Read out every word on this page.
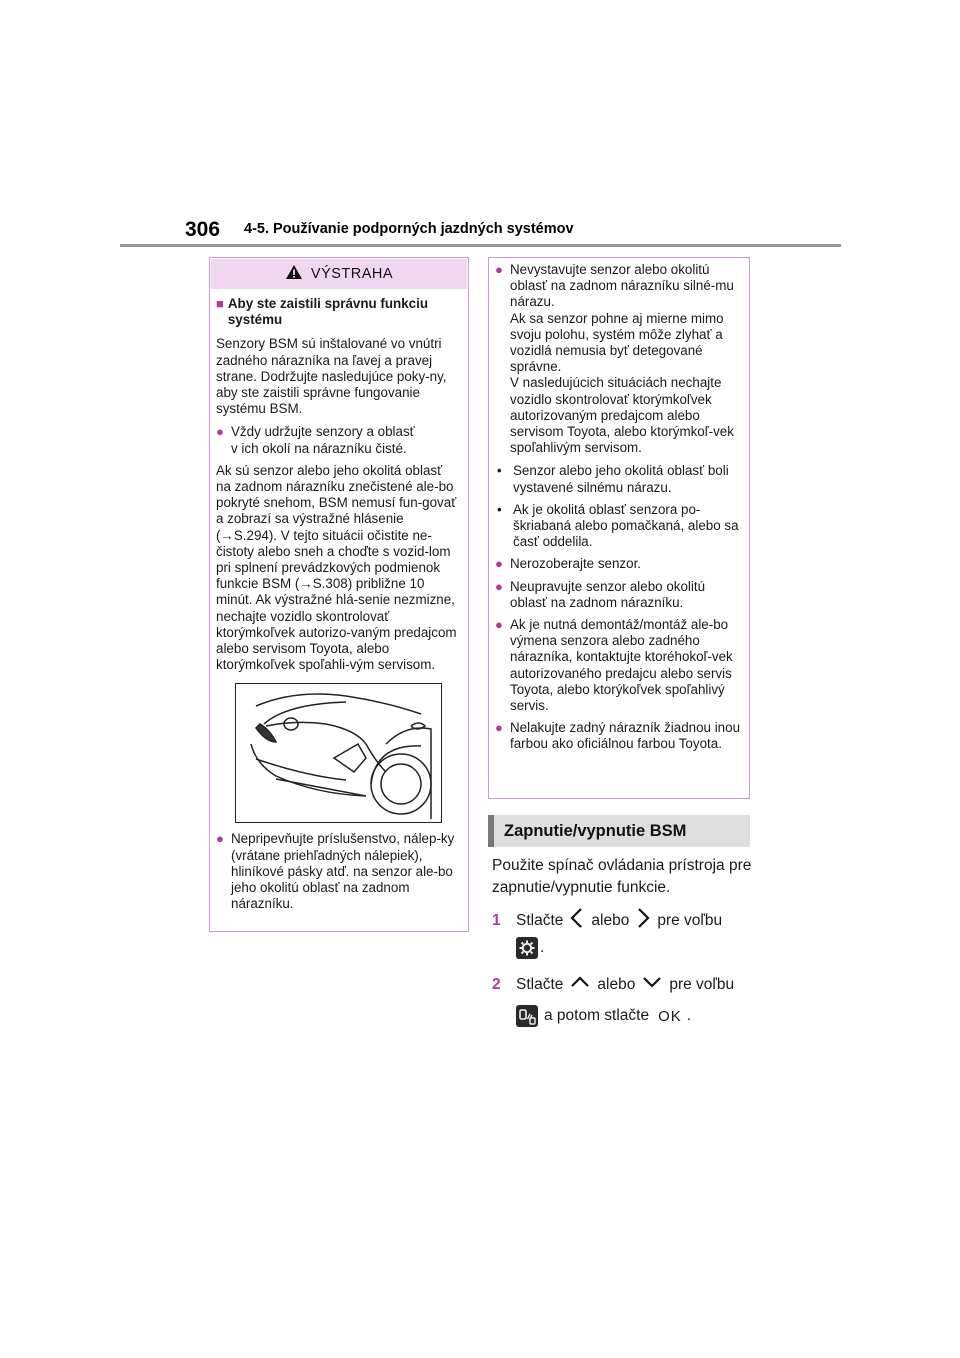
306 4-5. Používanie podporných jazdných systémov
VÝSTRAHA
■ Aby ste zaistili správnu funkciu systému

Senzory BSM sú inštalované vo vnútri zadného nárazníka na ľavej a pravej strane. Dodržujte nasledujúce poky-ny, aby ste zaistili správne fungovanie systému BSM.

● Vždy udržujte senzory a oblasť
v ich okolí na nárazníku čisté.

Ak sú senzor alebo jeho okolitá oblasť na zadnom nárazníku znečistené ale-bo pokryté snehom, BSM nemusí fun-govať a zobrazí sa výstražné hlásenie (→S.294). V tejto situácii očistite ne-čistoty alebo sneh a choďte s vozid-lom pri splnení prevádzkových podmienok funkcie BSM (→S.308) približne 10 minút. Ak výstražné hlá-senie nezmizne, nechajte vozidlo skontrolovať ktorýmkoľvek autorizo-vaným predajcom alebo servisom Toyota, alebo ktorýmkoľvek spoľahli-vým servisom.

● Nepripevňujte príslušenstvo, nálep-ky (vrátane priehľadných nálepiek), hliníkové pásky atď. na senzor ale-bo jeho okolitú oblasť na zadnom nárazníku.
● Nevystavujte senzor alebo okolitú oblasť na zadnom nárazníku silné-mu nárazu.

Ak sa senzor pohne aj mierne mimo svoju polohu, systém môže zlyhať a vozidlá nemusia byť detegované správne.
V nasledujúcich situáciách nechajte vozidlo skontrolovať ktorýmkoľvek autorizovaným predajcom alebo servisom Toyota, alebo ktorýmkoľ-vek spoľahlivým servisom.

• Senzor alebo jeho okolitá oblasť boli vystavené silnému nárazu.
• Ak je okolitá oblasť senzora po-škriabaná alebo pomačkaná, alebo sa časť oddelila.
● Nerozoberajte senzor.
● Neupravujte senzor alebo okolitú oblasť na zadnom nárazníku.
● Ak je nutná demontáž/montáž ale-bo výmena senzora alebo zadného nárazníka, kontaktujte ktoréhokoľ-vek autorizovaného predajcu alebo servis Toyota, alebo ktorýkoľvek spoľahlivý servis.
● Nelakujte zadný nárazník žiadnou inou farbou ako oficiálnou farbou Toyota.
Zapnutie/vypnutie BSM
Použite spínač ovládania prístroja pre zapnutie/vypnutie funkcie.
1 Stlačte alebo pre voľbu
.
2 Stlačte alebo pre voľbu
a potom stlačte OK .
